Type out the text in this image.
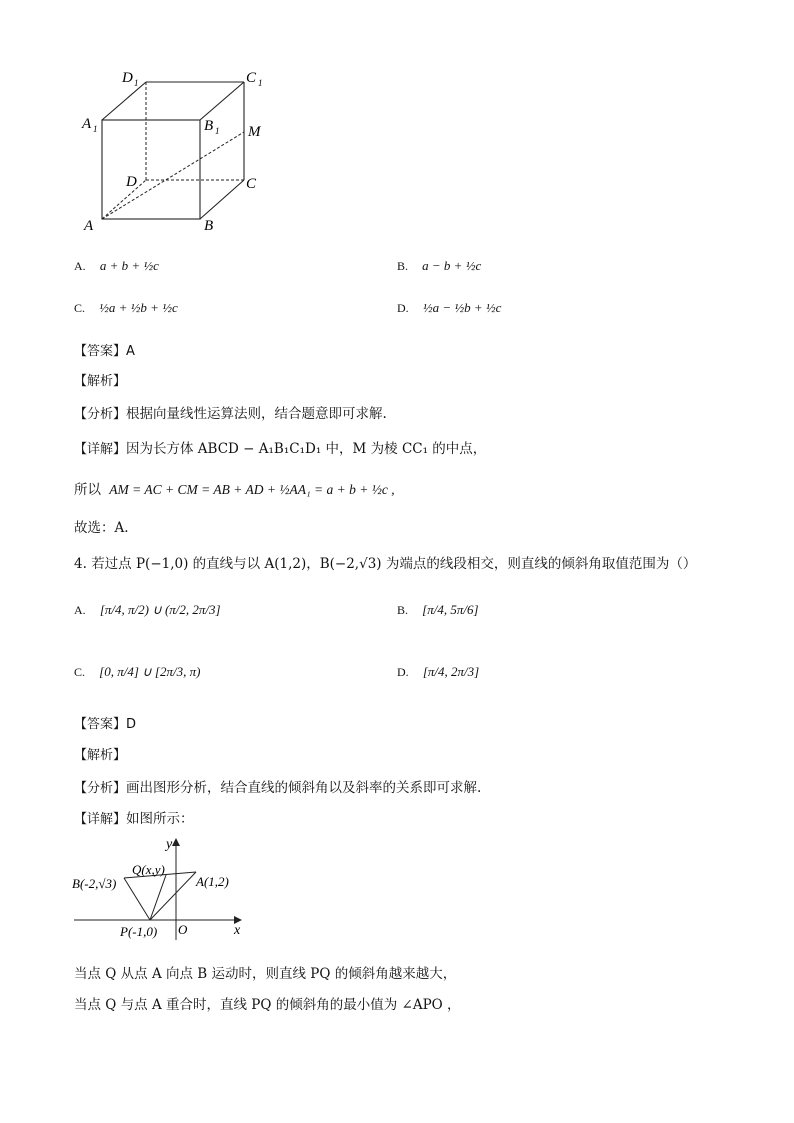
D 1	C 1
A 1	B 1 M
D	C
A	B
A. a + b + ½c	B. a − b + ½c
C. ½a + ½b + ½c	D. ½a − ½b + ½c
【答案】A
【解析】
【分析】根据向量线性运算法则，结合题意即可求解.
【详解】因为长方体 ABCD − A₁B₁C₁D₁ 中，M 为棱 CC₁ 的中点，
所以 AM = AC + CM = AB + AD + ½AA₁ = a + b + ½c ,
故选：A.
4. 若过点 P(−1,0) 的直线与以 A(1,2)，B(−2,√3) 为端点的线段相交，则直线的倾斜角取值范围为（）
A. [π/4, π/2) ∪ (π/2, 2π/3]	B. [π/4, 5π/6]
C. [0, π/4] ∪ [2π/3, π)	D. [π/4, 2π/3]
【答案】D
【解析】
【分析】画出图形分析，结合直线的倾斜角以及斜率的关系即可求解.
【详解】如图所示：
y
x
O
B(-2,√3)
Q(x,y)
A(1,2)
P(-1,0)
当点 Q 从点 A 向点 B 运动时，则直线 PQ 的倾斜角越来越大，
当点 Q 与点 A 重合时，直线 PQ 的倾斜角的最小值为 ∠APO ，
